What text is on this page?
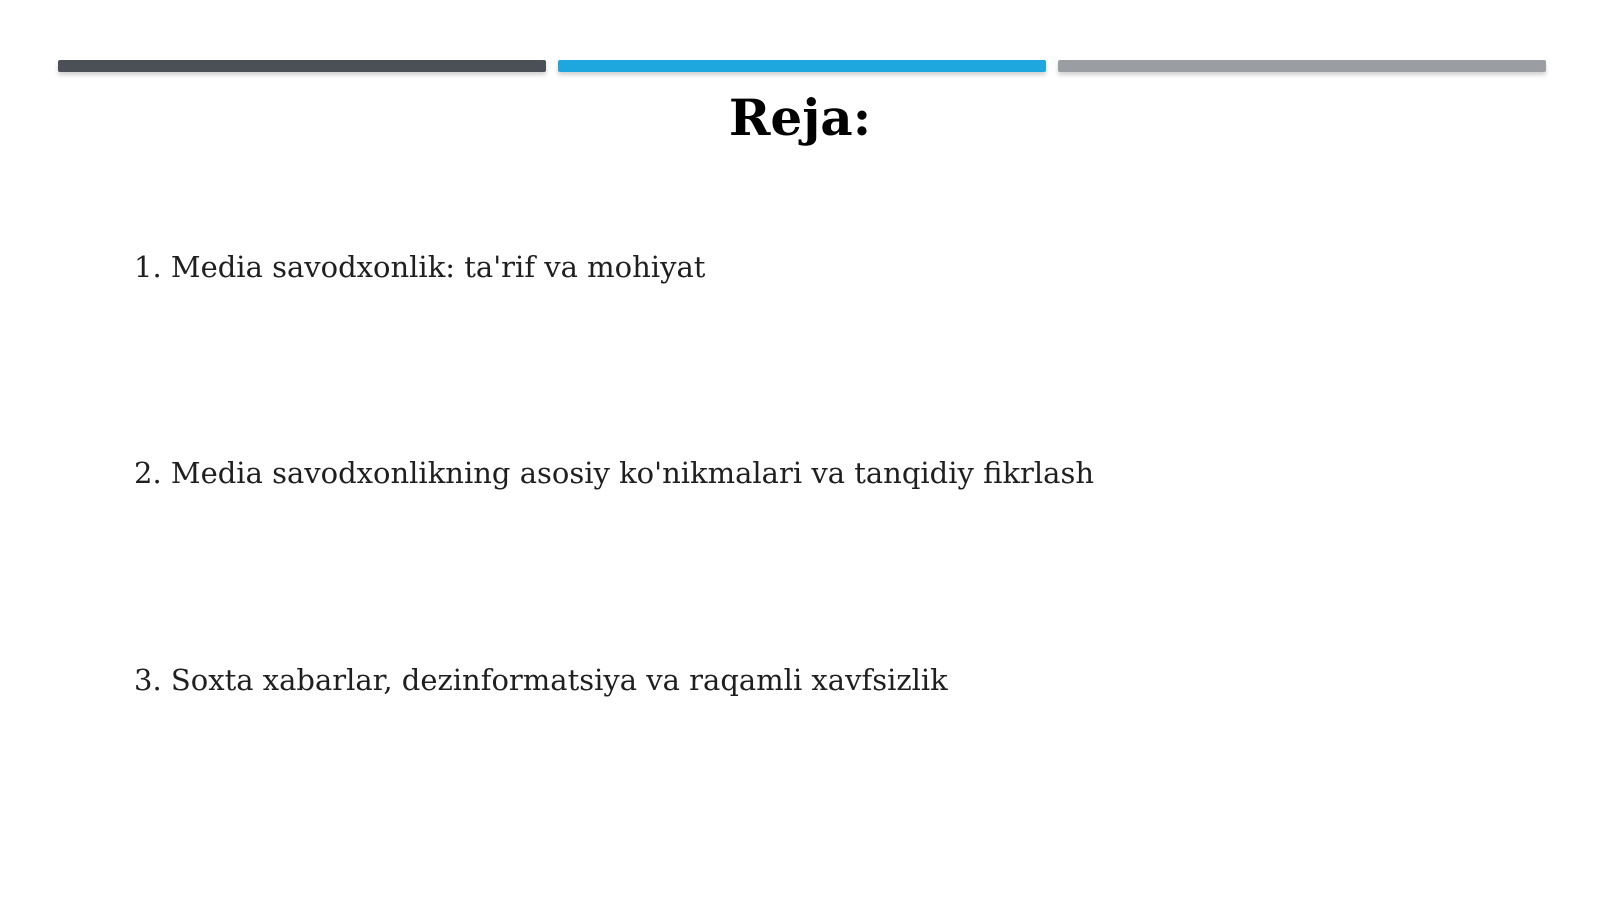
Reja:
1. Media savodxonlik: ta'rif va mohiyat
2. Media savodxonlikning asosiy ko'nikmalari va tanqidiy fikrlash
3. Soxta xabarlar, dezinformatsiya va raqamli xavfsizlik
